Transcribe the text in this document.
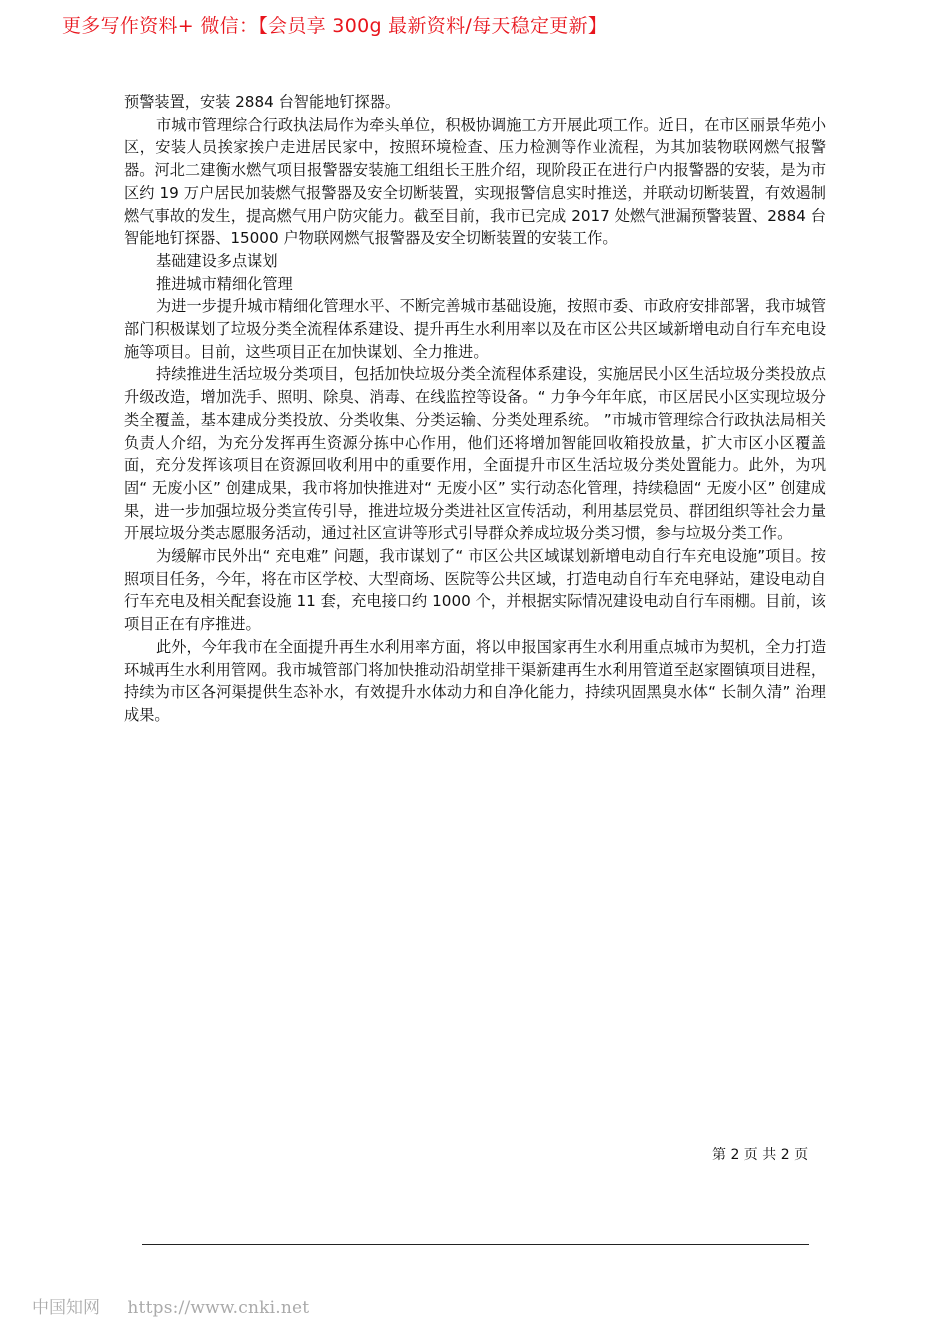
更多写作资料+ 微信：【会员享 300g 最新资料/每天稳定更新】

预警装置，安装 2884 台智能地钉探器。

市城市管理综合行政执法局作为牵头单位，积极协调施工方开展此项工作。近日，在市区丽景华苑小区，安装人员挨家挨户走进居民家中，按照环境检查、压力检测等作业流程，为其加装物联网燃气报警器。河北二建衡水燃气项目报警器安装施工组组长王胜介绍，现阶段正在进行户内报警器的安装，是为市区约 19 万户居民加装燃气报警器及安全切断装置，实现报警信息实时推送，并联动切断装置，有效遏制燃气事故的发生，提高燃气用户防灾能力。截至目前，我市已完成 2017 处燃气泄漏预警装置、2884 台智能地钉探器、15000 户物联网燃气报警器及安全切断装置的安装工作。

基础建设多点谋划

推进城市精细化管理

为进一步提升城市精细化管理水平、不断完善城市基础设施，按照市委、市政府安排部署，我市城管部门积极谋划了垃圾分类全流程体系建设、提升再生水利用率以及在市区公共区域新增电动自行车充电设施等项目。目前，这些项目正在加快谋划、全力推进。

持续推进生活垃圾分类项目，包括加快垃圾分类全流程体系建设，实施居民小区生活垃圾分类投放点升级改造，增加洗手、照明、除臭、消毒、在线监控等设备。“ 力争今年年底，市区居民小区实现垃圾分类全覆盖，基本建成分类投放、分类收集、分类运输、分类处理系统。 ”市城市管理综合行政执法局相关负责人介绍，为充分发挥再生资源分拣中心作用，他们还将增加智能回收箱投放量，扩大市区小区覆盖面，充分发挥该项目在资源回收利用中的重要作用，全面提升市区生活垃圾分类处置能力。此外，为巩固“ 无废小区” 创建成果，我市将加快推进对“ 无废小区” 实行动态化管理，持续稳固“ 无废小区” 创建成果，进一步加强垃圾分类宣传引导，推进垃圾分类进社区宣传活动，利用基层党员、群团组织等社会力量开展垃圾分类志愿服务活动，通过社区宣讲等形式引导群众养成垃圾分类习惯，参与垃圾分类工作。

为缓解市民外出“ 充电难” 问题，我市谋划了“ 市区公共区域谋划新增电动自行车充电设施”项目。按照项目任务，今年，将在市区学校、大型商场、医院等公共区域，打造电动自行车充电驿站，建设电动自行车充电及相关配套设施 11 套，充电接口约 1000 个，并根据实际情况建设电动自行车雨棚。目前，该项目正在有序推进。

此外，今年我市在全面提升再生水利用率方面，将以申报国家再生水利用重点城市为契机，全力打造环城再生水利用管网。我市城管部门将加快推动沿胡堂排干渠新建再生水利用管道至赵家圈镇项目进程，持续为市区各河渠提供生态补水，有效提升水体动力和自净化能力，持续巩固黑臭水体“ 长制久清” 治理成果。

第 2 页 共 2 页
中国知网 https://www.cnki.net
